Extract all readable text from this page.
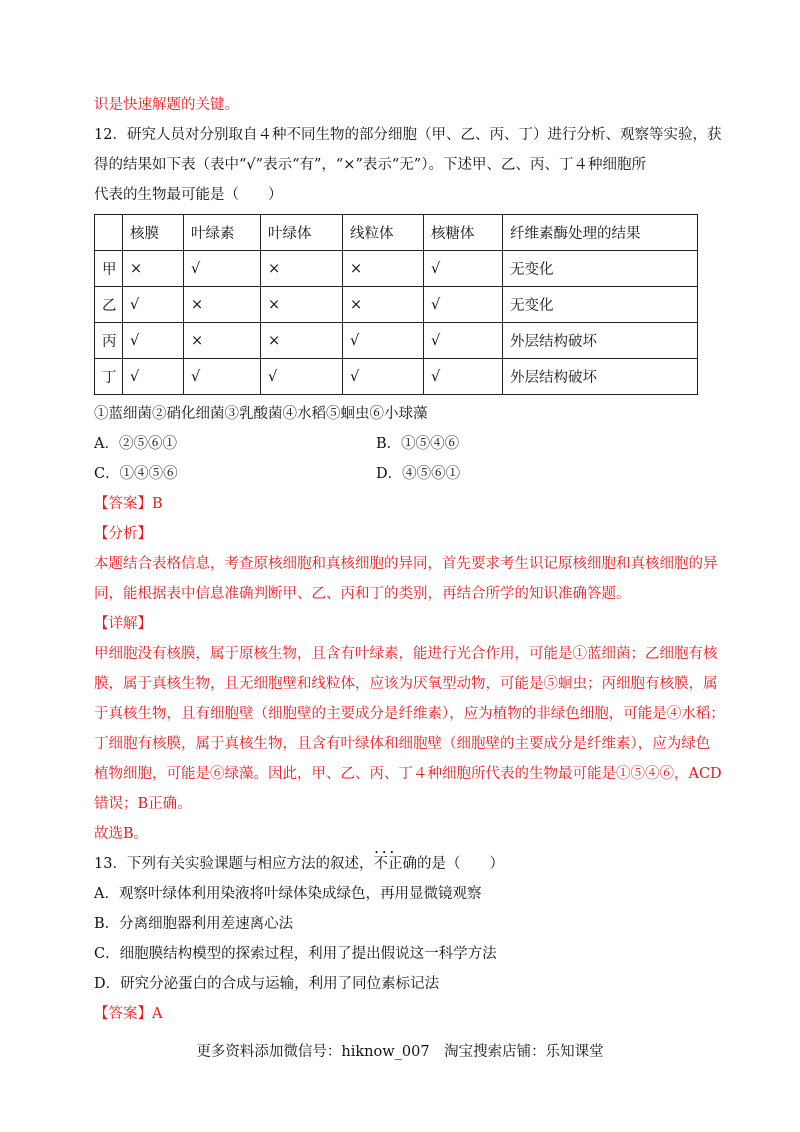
识是快速解题的关键。
12．研究人员对分别取自４种不同生物的部分细胞（甲、乙、丙、丁）进行分析、观察等实验，获
得的结果如下表（表中“√”表示“有”，“×”表示“无”）。下述甲、乙、丙、丁４种细胞所
代表的生物最可能是（　　）
	核膜	叶绿素	叶绿体	线粒体	核糖体	纤维素酶处理的结果
甲	×	√	×	×	√	无变化
乙	√	×	×	×	√	无变化
丙	√	×	×	√	√	外层结构破坏
丁	√	√	√	√	√	外层结构破坏
①蓝细菌②硝化细菌③乳酸菌④水稻⑤蛔虫⑥小球藻
A．②⑤⑥①	B．①⑤④⑥
C．①④⑤⑥	D．④⑤⑥①
【答案】B
【分析】
本题结合表格信息，考查原核细胞和真核细胞的异同，首先要求考生识记原核细胞和真核细胞的异
同，能根据表中信息准确判断甲、乙、丙和丁的类别，再结合所学的知识准确答题。
【详解】
甲细胞没有核膜，属于原核生物，且含有叶绿素，能进行光合作用，可能是①蓝细菌；乙细胞有核
膜，属于真核生物，且无细胞壁和线粒体，应该为厌氧型动物，可能是⑤蛔虫；丙细胞有核膜，属
于真核生物，且有细胞壁（细胞壁的主要成分是纤维素），应为植物的非绿色细胞，可能是④水稻；
丁细胞有核膜，属于真核生物，且含有叶绿体和细胞壁（细胞壁的主要成分是纤维素），应为绿色
植物细胞，可能是⑥绿藻。因此，甲、乙、丙、丁４种细胞所代表的生物最可能是①⑤④⑥，ACD
错误；B正确。
故选B。
13．下列有关实验课题与相应方法的叙述，• • • 不正确的是（　　）
A．观察叶绿体利用染液将叶绿体染成绿色，再用显微镜观察
B．分离细胞器利用差速离心法
C．细胞膜结构模型的探索过程，利用了提出假说这一科学方法
D．研究分泌蛋白的合成与运输，利用了同位素标记法
【答案】A
更多资料添加微信号：hiknow_007　淘宝搜索店铺：乐知课堂
